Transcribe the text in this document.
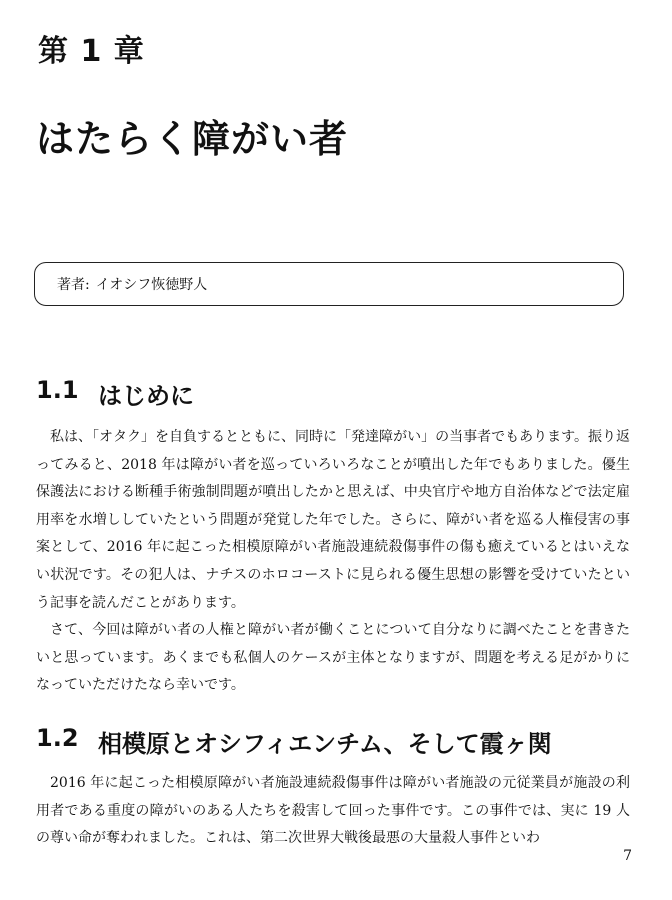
第 1 章
はたらく障がい者
著者: イオシフ恢徳野人
1.1 はじめに

私は、「オタク」を自負するとともに、同時に「発達障がい」の当事者でもあります。振り返ってみると、2018 年は障がい者を巡っていろいろなことが噴出した年でもありました。優生保護法における断種手術強制問題が噴出したかと思えば、中央官庁や地方自治体などで法定雇用率を水増ししていたという問題が発覚した年でした。さらに、障がい者を巡る人権侵害の事案として、2016 年に起こった相模原障がい者施設連続殺傷事件の傷も癒えているとはいえない状況です。その犯人は、ナチスのホロコーストに見られる優生思想の影響を受けていたという記事を読んだことがあります。

さて、今回は障がい者の人権と障がい者が働くことについて自分なりに調べたことを書きたいと思っています。あくまでも私個人のケースが主体となりますが、問題を考える足がかりになっていただけたなら幸いです。

1.2 相模原とオシフィエンチム、そして霞ヶ関

2016 年に起こった相模原障がい者施設連続殺傷事件は障がい者施設の元従業員が施設の利用者である重度の障がいのある人たちを殺害して回った事件です。この事件では、実に 19 人の尊い命が奪われました。これは、第二次世界大戦後最悪の大量殺人事件といわ

7
